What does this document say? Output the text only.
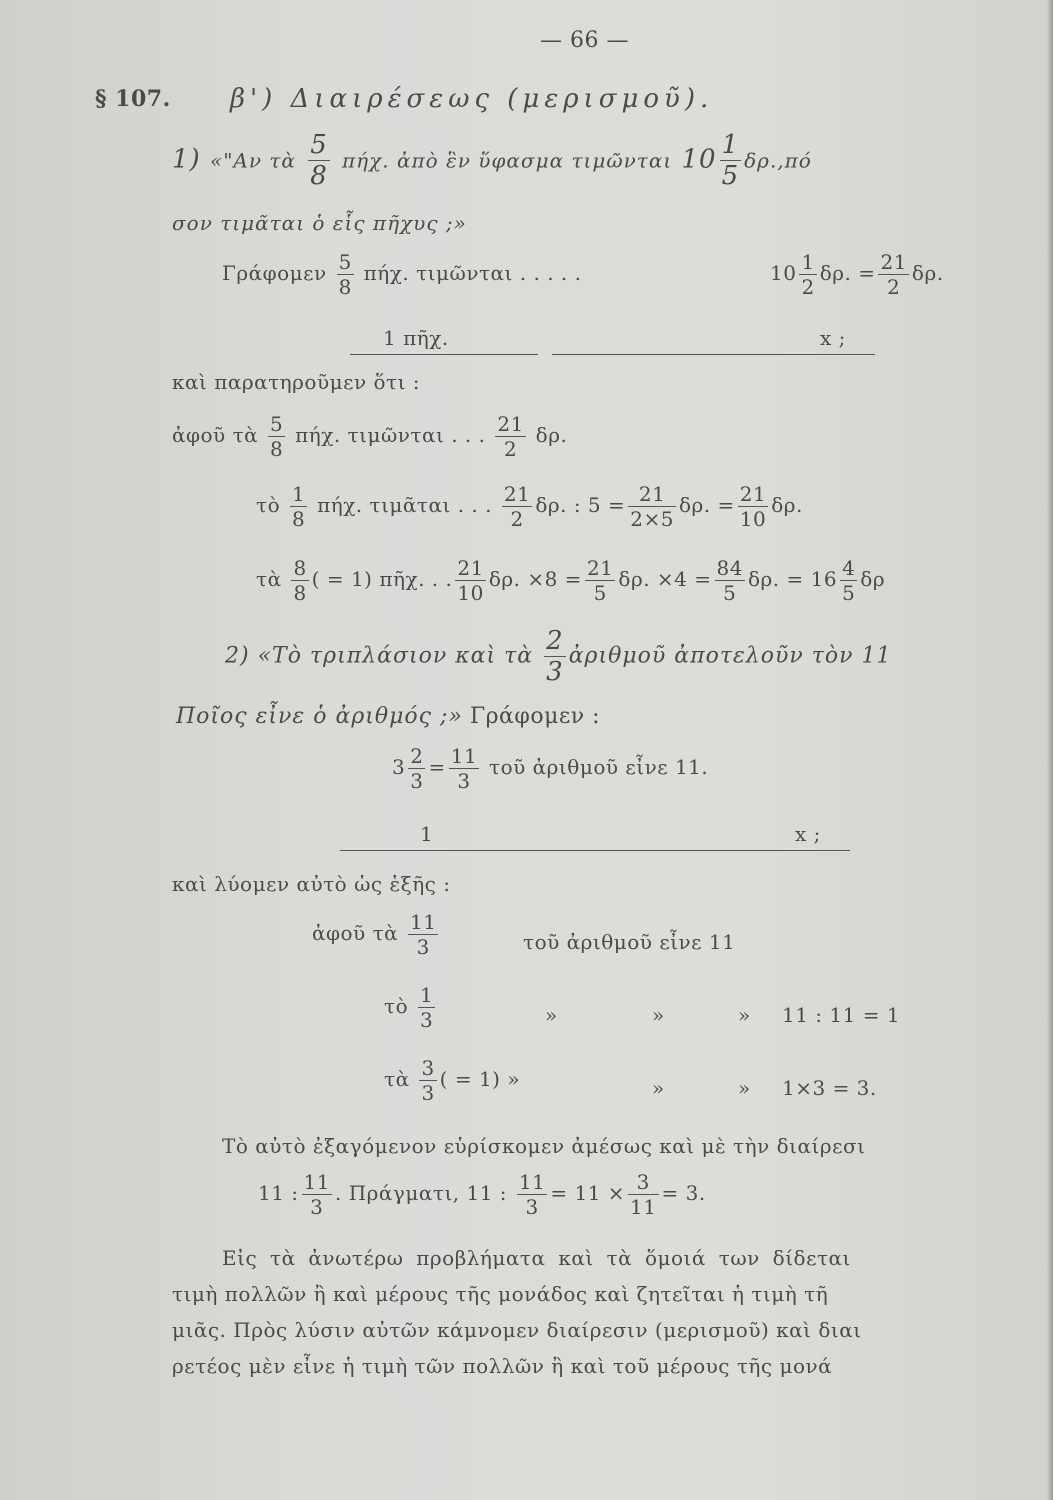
— 66 —
§ 107. β') Διαιρέσεως (μερισμοῦ).
1) «"Αν τὰ $\frac{5}{8} \pi ή\chi$. ἀπὸ ἓν ὕφασμα τιμῶνται $10 \frac{1}{5} \delta\rho.,\pi ό$
σον τιμᾶται ὁ εἷς πῆχυς ;»
Γράφομεν $\frac{5}{8} \pi ή\chi$. τιμῶνται . . . . .	$10 \frac{1}{2} \delta\rho$. = $\frac{21}{2} \delta\rho$.
1 πῆχ.	x ;
καὶ παρατηροῦμεν ὅτι :
ἀφοῦ τὰ $\frac{5}{8} \pi ή\chi$. τιμῶνται . . . $\frac{21}{2} \delta\rho$.
τὸ $\frac{1}{8} \pi ή\chi$. τιμᾶται . . . $\frac{21}{2} \delta\rho$. : $5 = \frac{21}{2\times 5} \delta\rho$. = $\frac{21}{10} \delta\rho$.
τὰ $\frac{8}{8}$ ( = 1) πῆχ. . . $\frac{21}{10} \delta\rho$. $\times 8 = \frac{21}{5} \delta\rho$. $\times 4 = \frac{84}{5} \delta\rho$. = $16 \frac{4}{5}$ δρ
2) «Τὸ τριπλάσιον καὶ τὰ $\frac{2}{3}$ ἀριθμοῦ ἀποτελοῦν τὸν 11
Ποῖος εἶνε ὁ ἀριθμός ;» Γράφομεν :
$3 \frac{2}{3} = \frac{11}{3}$ τοῦ ἀριθμοῦ εἶνε 11.
1	x ;
καὶ λύομεν αὐτὸ ὡς ἑξῆς :
ἀφοῦ τὰ $\frac{11}{3}$	τοῦ ἀριθμοῦ εἶνε 11
τὸ $\frac{1}{3}$	»	»	» 11 : 11 = 1
τὰ $\frac{3}{3}$ ( = 1) »	»	» 1×3 = 3.
Τὸ αὐτὸ ἐξαγόμενον εὑρίσκομεν ἀμέσως καὶ μὲ τὴν διαίρεσι
11 : $\frac{11}{3}$ . Πράγματι, 11 : $\frac{11}{3} = 11 \times \frac{3}{11} = 3$.
Εἰς τὰ ἀνωτέρω προβλήματα καὶ τὰ ὅμοιά των δίδεται
τιμὴ πολλῶν ἢ καὶ μέρους τῆς μονάδος καὶ ζητεῖται ἡ τιμὴ τῆ
μιᾶς. Πρὸς λύσιν αὐτῶν κάμνομεν διαίρεσιν (μερισμοῦ) καὶ διαι
ρετέος μὲν εἶνε ἡ τιμὴ τῶν πολλῶν ἢ καὶ τοῦ μέρους τῆς μονά
